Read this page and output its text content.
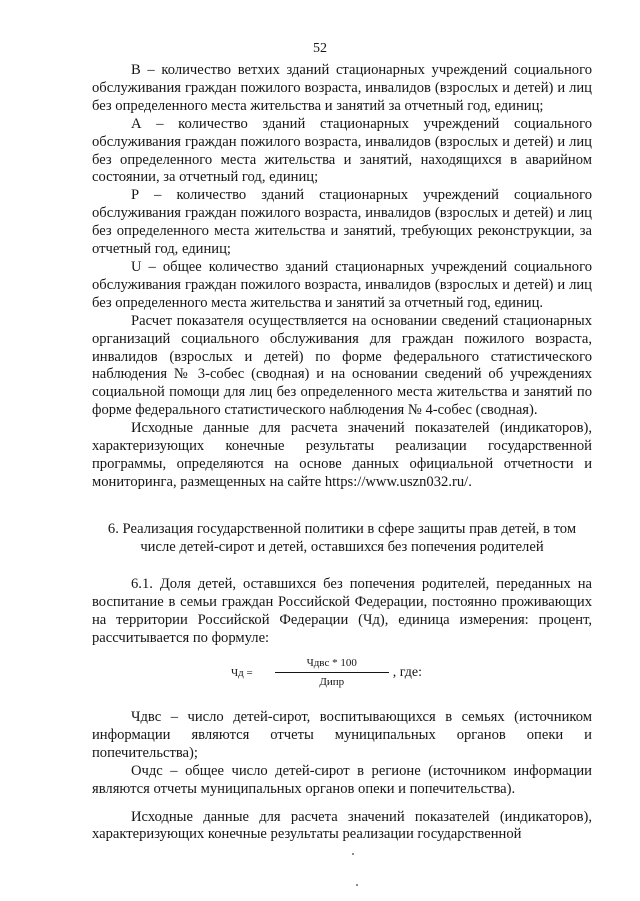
52

В – количество ветхих зданий стационарных учреждений социального обслуживания граждан пожилого возраста, инвалидов (взрослых и детей) и лиц без определенного места жительства и занятий за отчетный год, единиц;

А – количество зданий стационарных учреждений социального обслуживания граждан пожилого возраста, инвалидов (взрослых и детей) и лиц без определенного места жительства и занятий, находящихся в аварийном состоянии, за отчетный год, единиц;

Р – количество зданий стационарных учреждений социального обслуживания граждан пожилого возраста, инвалидов (взрослых и детей) и лиц без определенного места жительства и занятий, требующих реконструкции, за отчетный год, единиц;

U – общее количество зданий стационарных учреждений социального обслуживания граждан пожилого возраста, инвалидов (взрослых и детей) и лиц без определенного места жительства и занятий за отчетный год, единиц.

Расчет показателя осуществляется на основании сведений стационарных организаций социального обслуживания для граждан пожилого возраста, инвалидов (взрослых и детей) по форме федерального статистического наблюдения № 3-собес (сводная) и на основании сведений об учреждениях социальной помощи для лиц без определенного места жительства и занятий по форме федерального статистического наблюдения № 4-собес (сводная).

Исходные данные для расчета значений показателей (индикаторов), характеризующих конечные результаты реализации государственной программы, определяются на основе данных официальной отчетности и мониторинга, размещенных на сайте https://www.uszn032.ru/.

6. Реализация государственной политики в сфере защиты прав детей, в том
числе детей-сирот и детей, оставшихся без попечения родителей

6.1. Доля детей, оставшихся без попечения родителей, переданных на воспитание в семьи граждан Российской Федерации, постоянно проживающих на территории Российской Федерации (Чд), единица измерения: процент, рассчитывается по формуле:

Чд = $\frac{\text{Чдвс * 100}}{\text{Дипр}}$ , где:

Чдвс – число детей-сирот, воспитывающихся в семьях (источником информации являются отчеты муниципальных органов опеки и попечительства);

Очдс – общее число детей-сирот в регионе (источником информации являются отчеты муниципальных органов опеки и попечительства).

Исходные данные для расчета значений показателей (индикаторов), характеризующих конечные результаты реализации государственной
